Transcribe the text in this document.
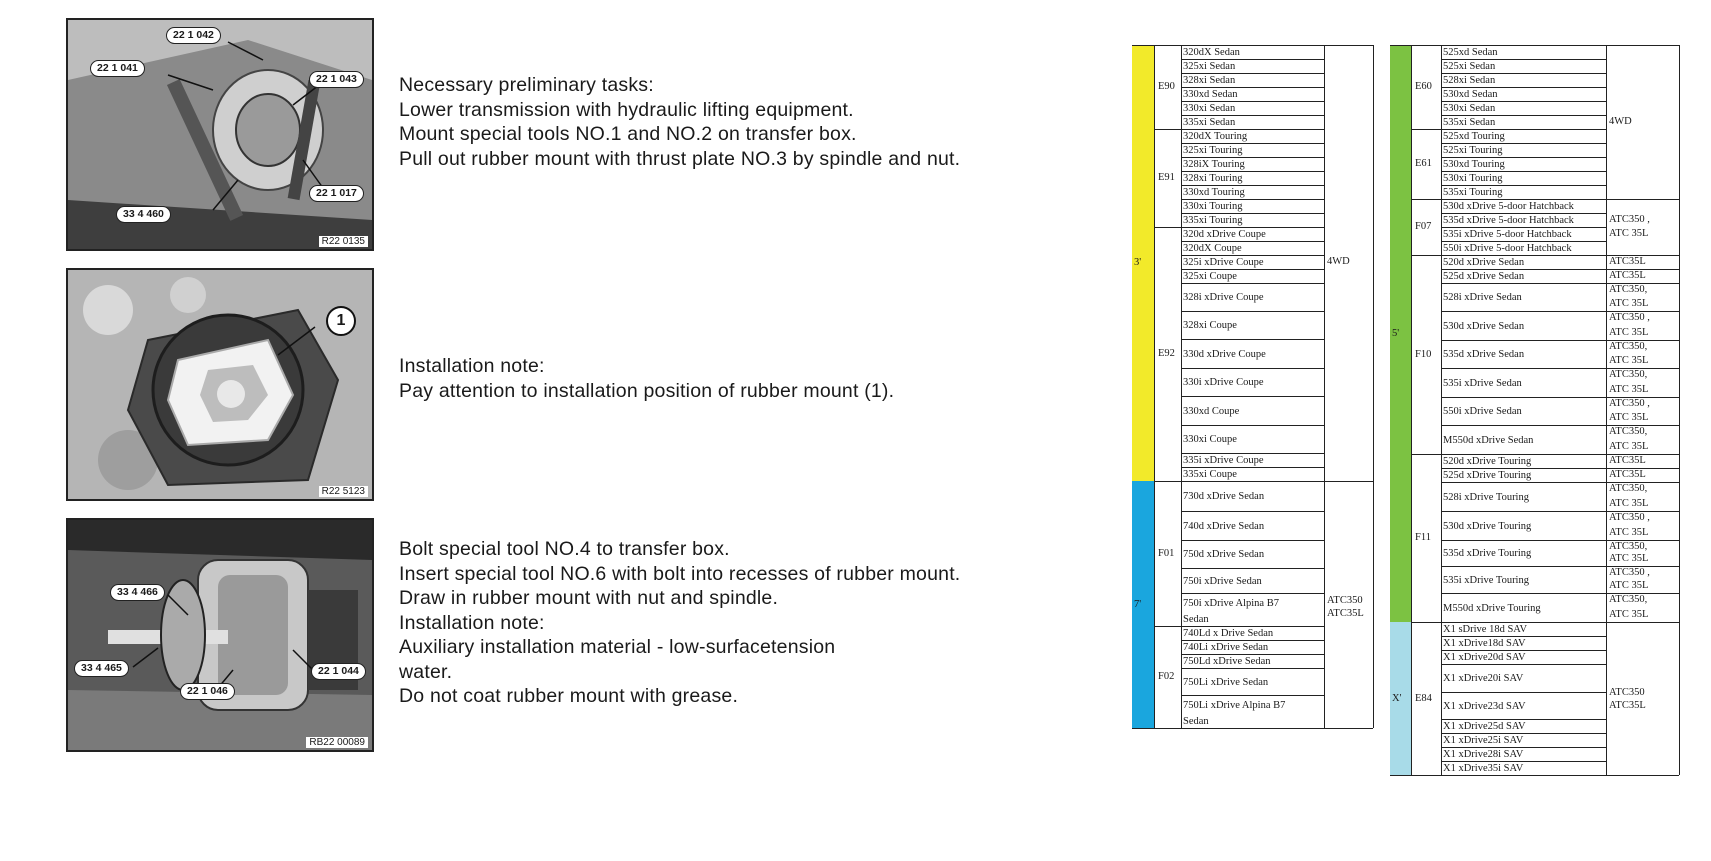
22 1 042
22 1 041
22 1 043
22 1 017
33 4 460
R22 0135
1
R22 5123
33 4 466
33 4 465
22 1 046
22 1 044
RB22 00089
Necessary preliminary tasks:
Lower transmission with hydraulic lifting equipment.
Mount special tools NO.1 and NO.2 on transfer box.
Pull out rubber mount with thrust plate NO.3 by spindle and nut.
Installation note:
Pay attention to installation position of rubber mount (1).
Bolt special tool NO.4 to transfer box.
Insert special tool NO.6 with bolt into recesses of rubber mount.
Draw in rubber mount with nut and spindle.
Installation note:
Auxiliary installation material - low-surfacetension
water.
Do not coat rubber mount with grease.
3'
7'
E90
E91
E92
F01
F02
320dX Sedan
325xi Sedan
328xi Sedan
330xd Sedan
330xi Sedan
335xi Sedan
320dX Touring
325xi Touring
328iX Touring
328xi Touring
330xd Touring
330xi Touring
335xi Touring
320d xDrive Coupe
320dX Coupe
325i xDrive Coupe
325xi Coupe
328i xDrive Coupe
328xi Coupe
330d xDrive Coupe
330i xDrive Coupe
330xd Coupe
330xi Coupe
335i xDrive Coupe
335xi Coupe
730d xDrive Sedan
740d xDrive Sedan
750d xDrive Sedan
750i xDrive Sedan
750i xDrive Alpina B7
Sedan
740Ld x Drive Sedan
740Li xDrive Sedan
750Ld xDrive Sedan
750Li xDrive Sedan
750Li xDrive Alpina B7
Sedan
4WD
ATC350
ATC35L
5'
X'
E60
E61
F07
F10
F11
E84
525xd Sedan
525xi Sedan
528xi Sedan
530xd Sedan
530xi Sedan
535xi Sedan
525xd Touring
525xi Touring
530xd Touring
530xi Touring
535xi Touring
530d xDrive 5-door Hatchback
535d xDrive 5-door Hatchback
535i xDrive 5-door Hatchback
550i xDrive 5-door Hatchback
520d xDrive Sedan
525d xDrive Sedan
528i xDrive Sedan
530d xDrive Sedan
535d xDrive Sedan
535i xDrive Sedan
550i xDrive Sedan
M550d xDrive Sedan
520d xDrive Touring
525d xDrive Touring
528i xDrive Touring
530d xDrive Touring
535d xDrive Touring
535i xDrive Touring
M550d xDrive Touring
X1 sDrive 18d SAV
X1 xDrive18d SAV
X1 xDrive20d SAV
X1 xDrive20i SAV
X1 xDrive23d SAV
X1 xDrive25d SAV
X1 xDrive25i SAV
X1 xDrive28i SAV
X1 xDrive35i SAV
4WD
ATC350 ,
ATC 35L
ATC35L
ATC35L
ATC350,
ATC 35L
ATC350 ,
ATC 35L
ATC350,
ATC 35L
ATC350,
ATC 35L
ATC350 ,
ATC 35L
ATC350,
ATC 35L
ATC35L
ATC35L
ATC350,
ATC 35L
ATC350 ,
ATC 35L
ATC350,
ATC 35L
ATC350 ,
ATC 35L
ATC350,
ATC 35L
ATC350
ATC35L
